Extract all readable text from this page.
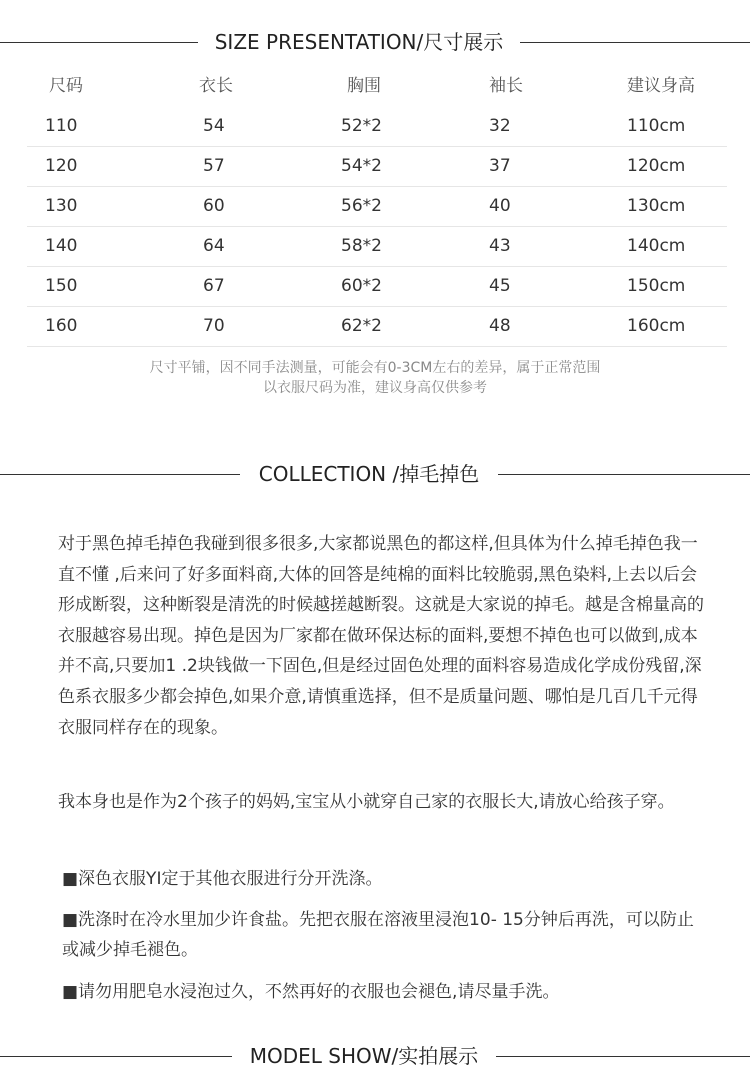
SIZE PRESENTATION/尺寸展示
尺码	衣长	胸围	袖长	建议身高
110	54	52*2	32	110cm
120	57	54*2	37	120cm
130	60	56*2	40	130cm
140	64	58*2	43	140cm
150	67	60*2	45	150cm
160	70	62*2	48	160cm
尺寸平铺，因不同手法测量，可能会有0-3CM左右的差异，属于正常范围
以衣服尺码为准，建议身高仅供参考
COLLECTION /掉毛掉色

对于黑色掉毛掉色我碰到很多很多,大家都说黑色的都这样,但具体为什么掉毛掉色我一直不懂 ,后来问了好多面料商,大体的回答是纯棉的面料比较脆弱,黑色染料,上去以后会形成断裂，这种断裂是清洗的时候越搓越断裂。这就是大家说的掉毛。越是含棉量高的衣服越容易出现。掉色是因为厂家都在做环保达标的面料,要想不掉色也可以做到,成本并不高,只要加1 .2块钱做一下固色,但是经过固色处理的面料容易造成化学成份残留,深色系衣服多少都会掉色,如果介意,请慎重选择，但不是质量问题、哪怕是几百几千元得衣服同样存在的现象。

我本身也是作为2个孩子的妈妈,宝宝从小就穿自己家的衣服长大,请放心给孩子穿。

■深色衣服YI定于其他衣服进行分开洗涤。

■洗涤时在冷水里加少许食盐。先把衣服在溶液里浸泡10- 15分钟后再洗，可以防止或减少掉毛褪色。

■请勿用肥皂水浸泡过久，不然再好的衣服也会褪色,请尽量手洗。

MODEL SHOW/实拍展示
